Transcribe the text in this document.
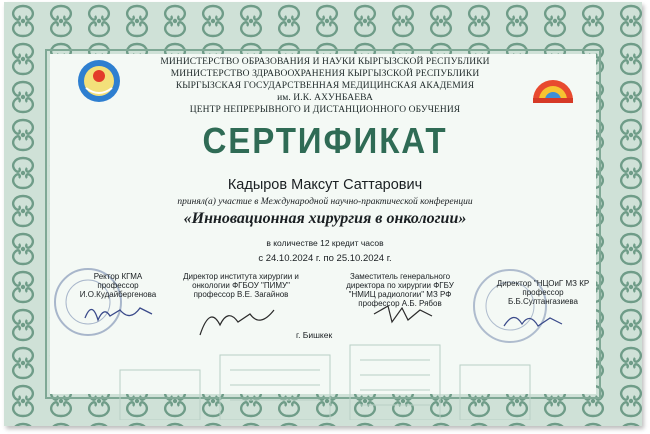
МИНИСТЕРСТВО ОБРАЗОВАНИЯ И НАУКИ КЫРГЫЗСКОЙ РЕСПУБЛИКИ
МИНИСТЕРСТВО ЗДРАВООХРАНЕНИЯ КЫРГЫЗСКОЙ РЕСПУБЛИКИ
КЫРГЫЗСКАЯ ГОСУДАРСТВЕННАЯ МЕДИЦИНСКАЯ АКАДЕМИЯ
им. И.К. АХУНБАЕВА
ЦЕНТР НЕПРЕРЫВНОГО И ДИСТАНЦИОННОГО ОБУЧЕНИЯ
СЕРТИФИКАТ
Кадыров Максут Саттарович
принял(а) участие в Международной научно-практической конференции
«Инновационная хирургия в онкологии»
в количестве 12 кредит часов
с 24.10.2024 г. по 25.10.2024 г.
Ректор КГМА
профессор
И.О.Кудайбергенова
Директор института хирургии и
онкологии ФГБОУ "ПИМУ"
профессор В.Е. Загайнов
Заместитель генерального
директора по хирургии ФГБУ
"НМИЦ радиологии" МЗ РФ
профессор А.Б. Рябов
Директор "НЦОиГ МЗ КР
профессор
Б.Б.Султангазиева
г. Бишкек
